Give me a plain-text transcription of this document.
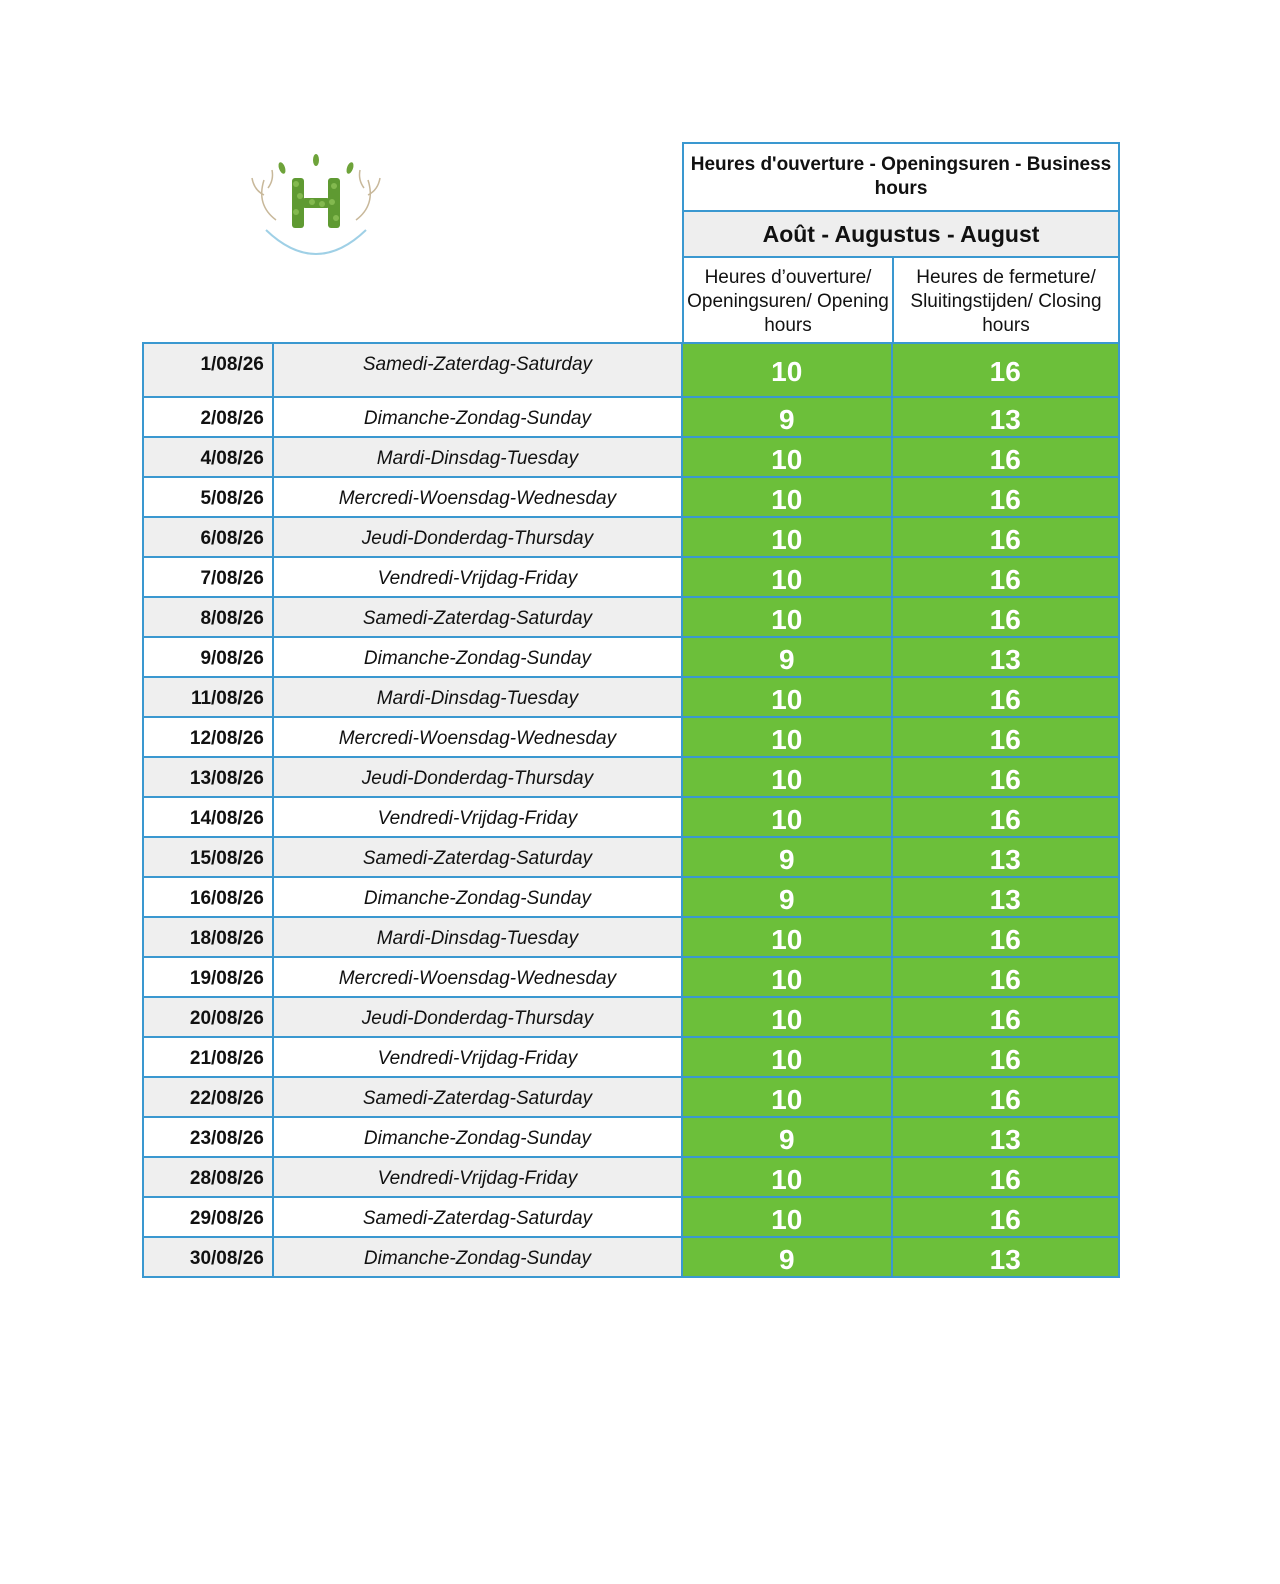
Heures d'ouverture - Openingsuren - Business hours
Août - Augustus - August
Heures d’ouverture/ Openingsuren/ Opening hours
Heures de fermeture/ Sluitingstijden/ Closing hours
1/08/26	Samedi-Zaterdag-Saturday	10	16

2/08/26	Dimanche-Zondag-Sunday	9	13

4/08/26	Mardi-Dinsdag-Tuesday	10	16

5/08/26	Mercredi-Woensdag-Wednesday	10	16

6/08/26	Jeudi-Donderdag-Thursday	10	16

7/08/26	Vendredi-Vrijdag-Friday	10	16

8/08/26	Samedi-Zaterdag-Saturday	10	16

9/08/26	Dimanche-Zondag-Sunday	9	13

11/08/26	Mardi-Dinsdag-Tuesday	10	16

12/08/26	Mercredi-Woensdag-Wednesday	10	16

13/08/26	Jeudi-Donderdag-Thursday	10	16

14/08/26	Vendredi-Vrijdag-Friday	10	16

15/08/26	Samedi-Zaterdag-Saturday	9	13

16/08/26	Dimanche-Zondag-Sunday	9	13

18/08/26	Mardi-Dinsdag-Tuesday	10	16

19/08/26	Mercredi-Woensdag-Wednesday	10	16

20/08/26	Jeudi-Donderdag-Thursday	10	16

21/08/26	Vendredi-Vrijdag-Friday	10	16

22/08/26	Samedi-Zaterdag-Saturday	10	16

23/08/26	Dimanche-Zondag-Sunday	9	13

28/08/26	Vendredi-Vrijdag-Friday	10	16

29/08/26	Samedi-Zaterdag-Saturday	10	16

30/08/26	Dimanche-Zondag-Sunday	9	13
